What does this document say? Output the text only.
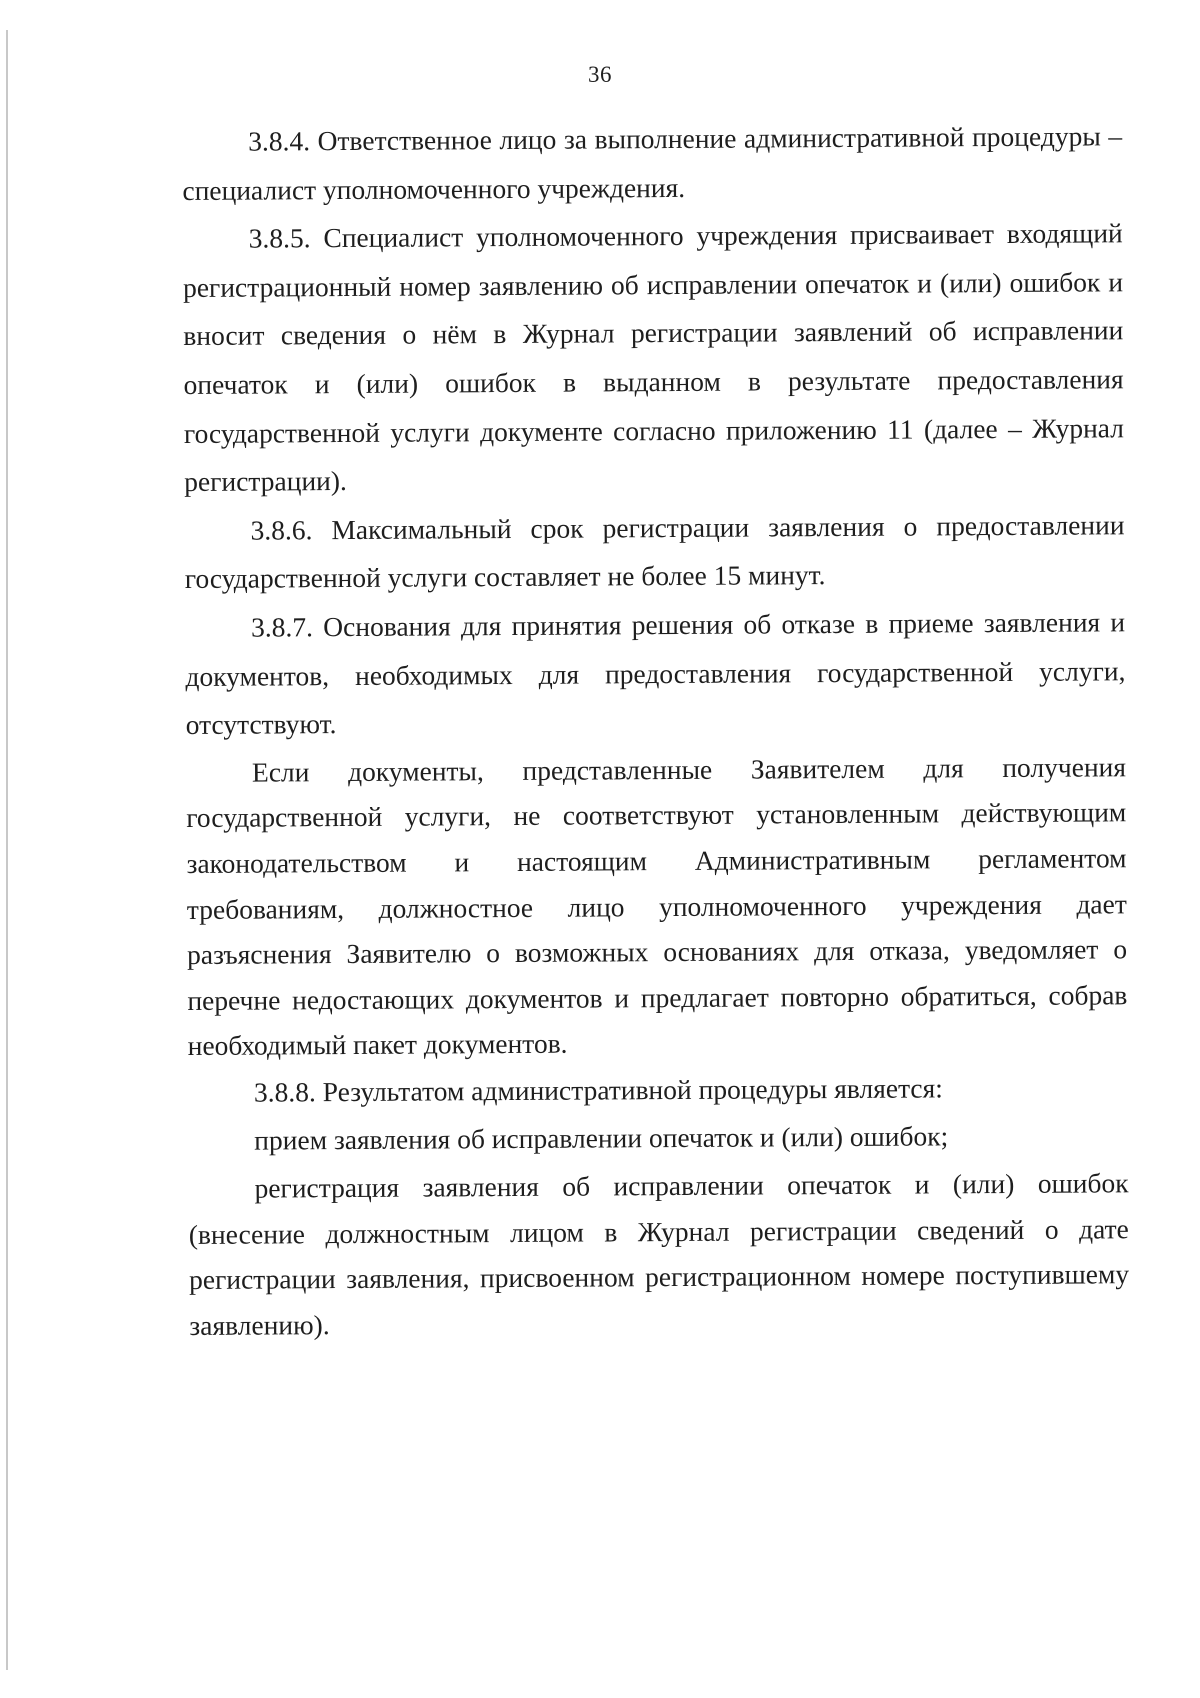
36

3.8.4. Ответственное лицо за выполнение административной процедуры – специалист уполномоченного учреждения.

3.8.5. Специалист уполномоченного учреждения присваивает входящий регистрационный номер заявлению об исправлении опечаток и (или) ошибок и вносит сведения о нём в Журнал регистрации заявлений об исправлении опечаток и (или) ошибок в выданном в результате предоставления государственной услуги документе согласно приложению 11 (далее – Журнал регистрации).

3.8.6. Максимальный срок регистрации заявления о предоставлении государственной услуги составляет не более 15 минут.

3.8.7. Основания для принятия решения об отказе в приеме заявления и документов, необходимых для предоставления государственной услуги, отсутствуют.

Если документы, представленные Заявителем для получения государственной услуги, не соответствуют установленным действующим законодательством и настоящим Административным регламентом требованиям, должностное лицо уполномоченного учреждения дает разъяснения Заявителю о возможных основаниях для отказа, уведомляет о перечне недостающих документов и предлагает повторно обратиться, собрав необходимый пакет документов.

3.8.8. Результатом административной процедуры является:

прием заявления об исправлении опечаток и (или) ошибок;

регистрация заявления об исправлении опечаток и (или) ошибок (внесение должностным лицом в Журнал регистрации сведений о дате регистрации заявления, присвоенном регистрационном номере поступившему заявлению).
